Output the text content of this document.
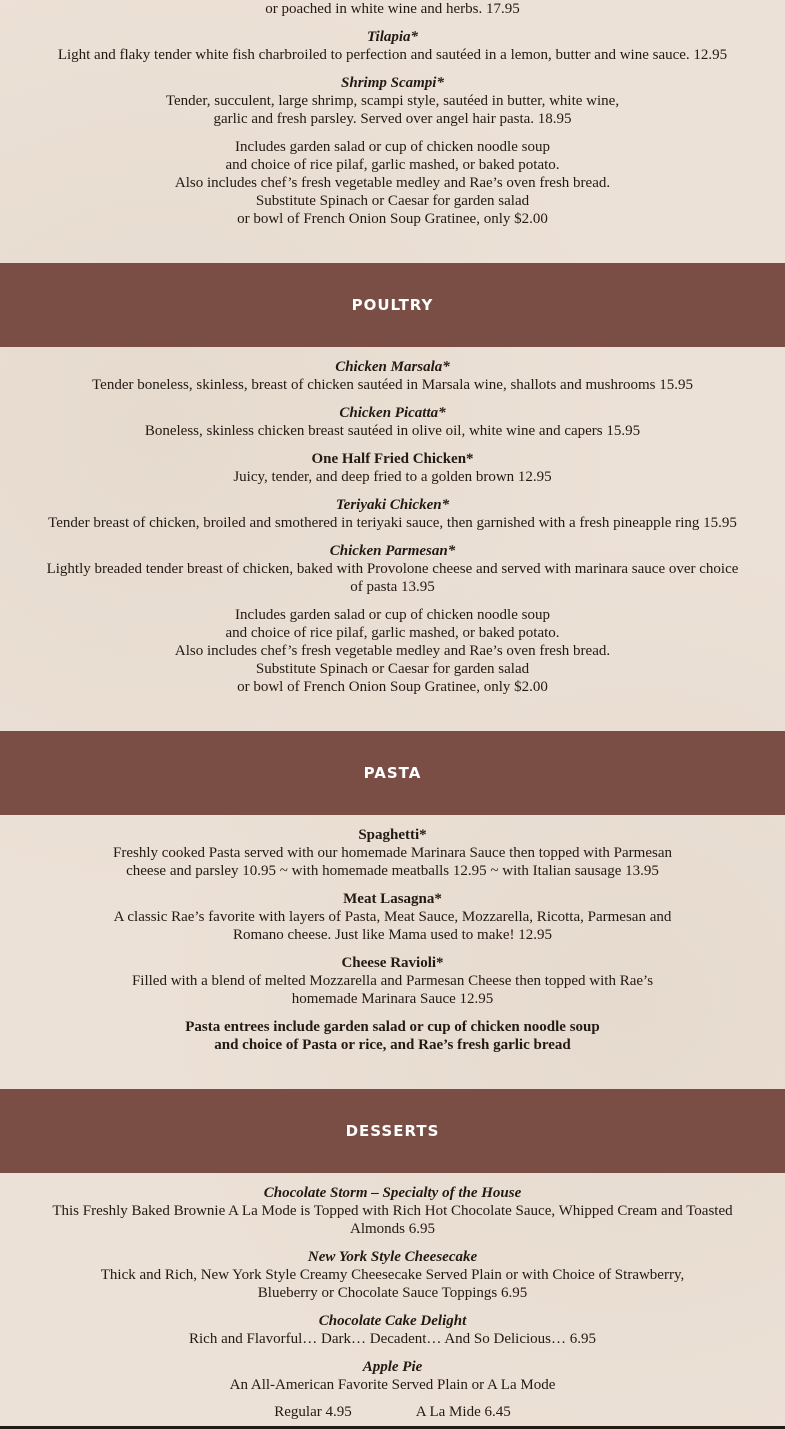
or poached in white wine and herbs. 17.95
Tilapia*
Light and flaky tender white fish charbroiled to perfection and sautéed in a lemon, butter and wine sauce. 12.95
Shrimp Scampi*
Tender, succulent, large shrimp, scampi style, sautéed in butter, white wine,
garlic and fresh parsley. Served over angel hair pasta. 18.95
Includes garden salad or cup of chicken noodle soup
and choice of rice pilaf, garlic mashed, or baked potato.
Also includes chef’s fresh vegetable medley and Rae’s oven fresh bread.
Substitute Spinach or Caesar for garden salad
or bowl of French Onion Soup Gratinee, only $2.00
POULTRY
Chicken Marsala*
Tender boneless, skinless, breast of chicken sautéed in Marsala wine, shallots and mushrooms 15.95
Chicken Picatta*
Boneless, skinless chicken breast sautéed in olive oil, white wine and capers 15.95
One Half Fried Chicken*
Juicy, tender, and deep fried to a golden brown 12.95
Teriyaki Chicken*
Tender breast of chicken, broiled and smothered in teriyaki sauce, then garnished with a fresh pineapple ring 15.95
Chicken Parmesan*
Lightly breaded tender breast of chicken, baked with Provolone cheese and served with marinara sauce over choice
of pasta 13.95
Includes garden salad or cup of chicken noodle soup
and choice of rice pilaf, garlic mashed, or baked potato.
Also includes chef’s fresh vegetable medley and Rae’s oven fresh bread.
Substitute Spinach or Caesar for garden salad
or bowl of French Onion Soup Gratinee, only $2.00
PASTA
Spaghetti*
Freshly cooked Pasta served with our homemade Marinara Sauce then topped with Parmesan
cheese and parsley 10.95 ~ with homemade meatballs 12.95 ~ with Italian sausage 13.95
Meat Lasagna*
A classic Rae’s favorite with layers of Pasta, Meat Sauce, Mozzarella, Ricotta, Parmesan and
Romano cheese. Just like Mama used to make! 12.95
Cheese Ravioli*
Filled with a blend of melted Mozzarella and Parmesan Cheese then topped with Rae’s
homemade Marinara Sauce 12.95
Pasta entrees include garden salad or cup of chicken noodle soup
and choice of Pasta or rice, and Rae’s fresh garlic bread
DESSERTS
Chocolate Storm – Specialty of the House
This Freshly Baked Brownie A La Mode is Topped with Rich Hot Chocolate Sauce, Whipped Cream and Toasted
Almonds 6.95
New York Style Cheesecake
Thick and Rich, New York Style Creamy Cheesecake Served Plain or with Choice of Strawberry,
Blueberry or Chocolate Sauce Toppings 6.95
Chocolate Cake Delight
Rich and Flavorful… Dark… Decadent… And So Delicious… 6.95
Apple Pie
An All-American Favorite Served Plain or A La Mode
Regular 4.95	A La Mide 6.45
